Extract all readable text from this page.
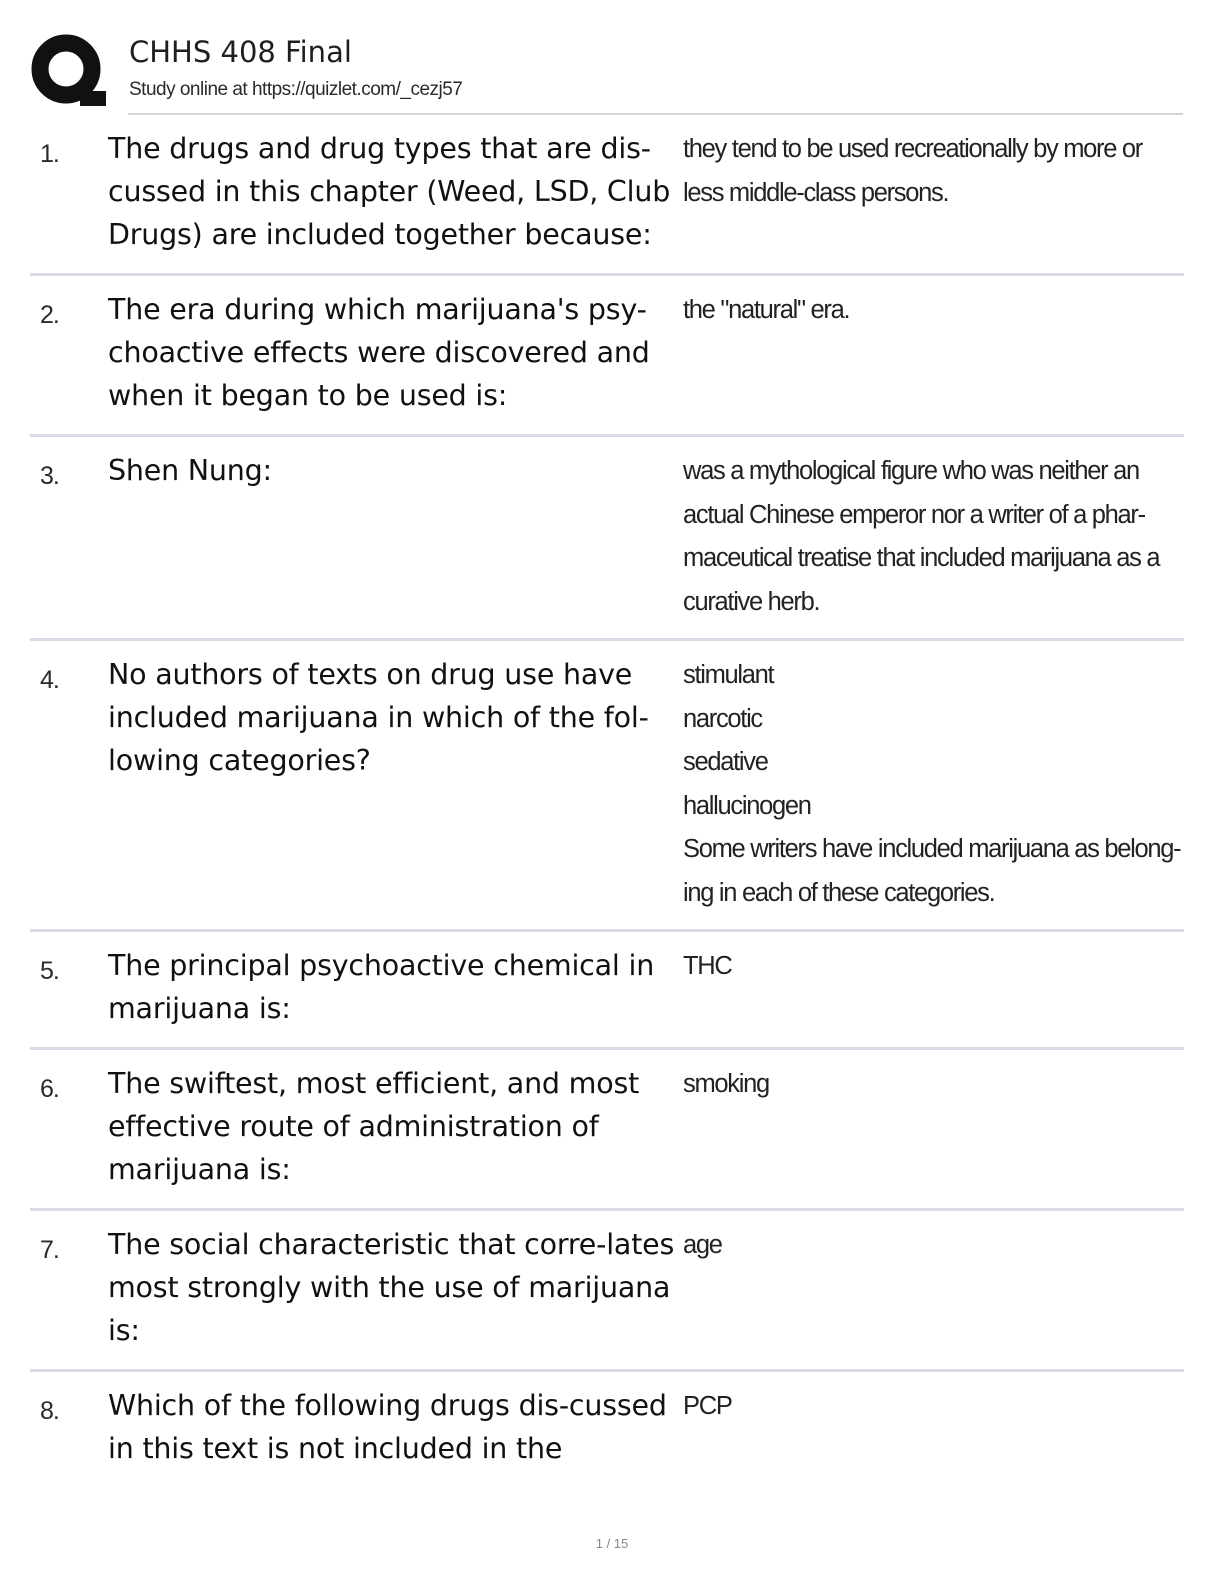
CHHS 408 Final
Study online at https://quizlet.com/_cezj57
1. The drugs and drug types that are dis-cussed in this chapter (Weed, LSD, Club Drugs) are included together because:
they tend to be used recreationally by more or less middle-class persons.
2. The era during which marijuana's psy-choactive effects were discovered and when it began to be used is:
the "natural" era.
3. Shen Nung:	was a mythological figure who was neither an actual Chinese emperor nor a writer of a phar-maceutical treatise that included marijuana as a curative herb.
4. No authors of texts on drug use have included marijuana in which of the fol-lowing categories?
stimulant
narcotic
sedative
hallucinogen
Some writers have included marijuana as belong-ing in each of these categories.
5. The principal psychoactive chemical in marijuana is:
THC
6. The swiftest, most efficient, and most effective route of administration of marijuana is:
smoking
7. The social characteristic that corre-lates most strongly with the use of marijuana is:
age
8. Which of the following drugs dis-cussed in this text is not included in the
PCP
1 / 15
